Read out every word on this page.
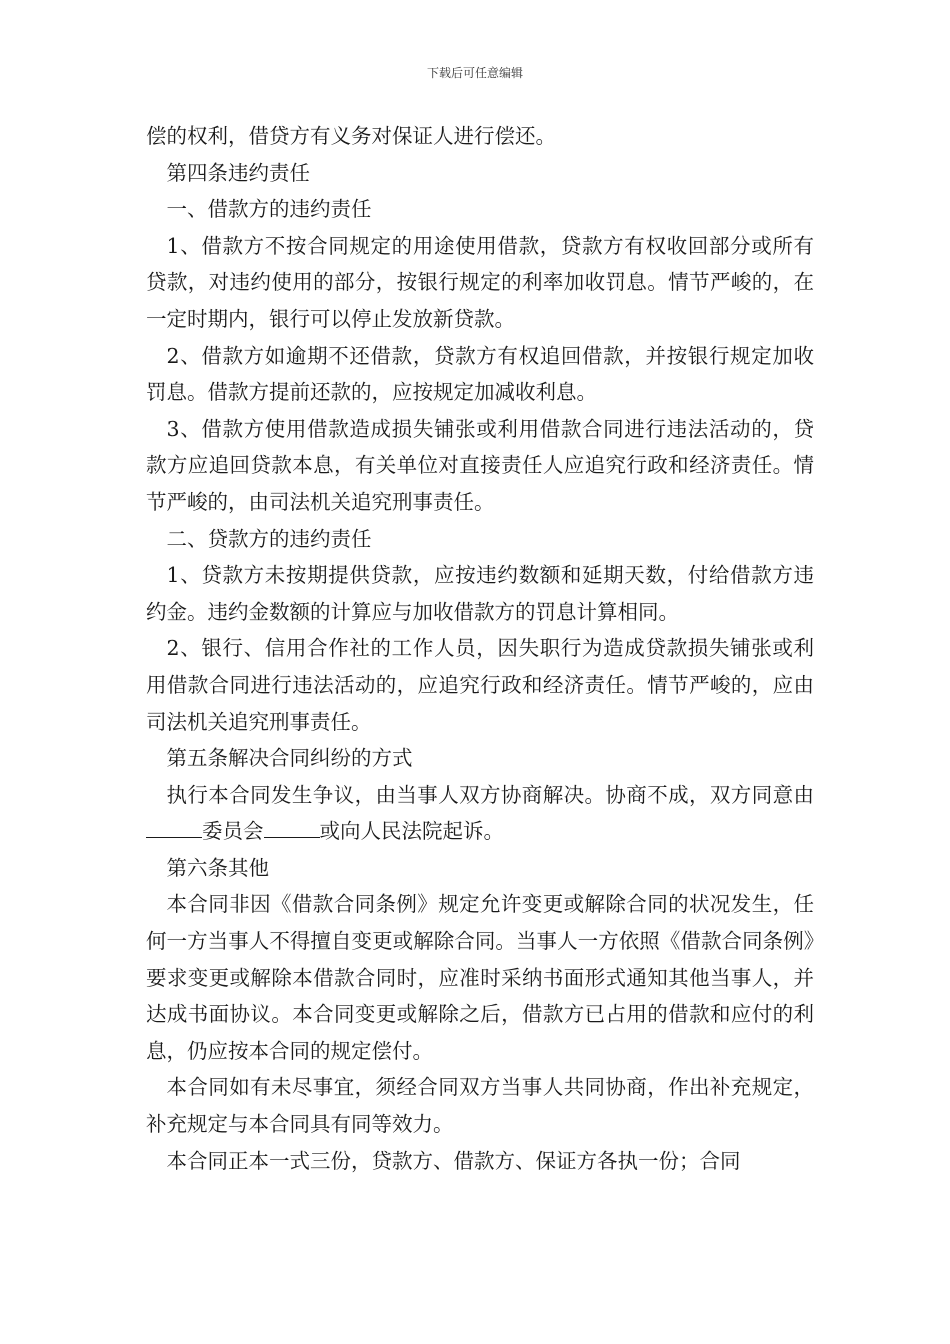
下载后可任意编辑

偿的权利，借贷方有义务对保证人进行偿还。

第四条违约责任

一、借款方的违约责任

1、借款方不按合同规定的用途使用借款，贷款方有权收回部分或所有贷款，对违约使用的部分，按银行规定的利率加收罚息。情节严峻的，在一定时期内，银行可以停止发放新贷款。

2、借款方如逾期不还借款，贷款方有权追回借款，并按银行规定加收罚息。借款方提前还款的，应按规定加减收利息。

3、借款方使用借款造成损失铺张或利用借款合同进行违法活动的，贷款方应追回贷款本息，有关单位对直接责任人应追究行政和经济责任。情节严峻的，由司法机关追究刑事责任。

二、贷款方的违约责任

1、贷款方未按期提供贷款，应按违约数额和延期天数，付给借款方违约金。违约金数额的计算应与加收借款方的罚息计算相同。

2、银行、信用合作社的工作人员，因失职行为造成贷款损失铺张或利用借款合同进行违法活动的，应追究行政和经济责任。情节严峻的，应由司法机关追究刑事责任。

第五条解决合同纠纷的方式

执行本合同发生争议，由当事人双方协商解决。协商不成，双方同意由委员会	或向人民法院起诉。

第六条其他

本合同非因《借款合同条例》规定允许变更或解除合同的状况发生，任何一方当事人不得擅自变更或解除合同。当事人一方依照《借款合同条例》要求变更或解除本借款合同时，应准时采纳书面形式通知其他当事人，并达成书面协议。本合同变更或解除之后，借款方已占用的借款和应付的利息，仍应按本合同的规定偿付。

本合同如有未尽事宜，须经合同双方当事人共同协商，作出补充规定，补充规定与本合同具有同等效力。

本合同正本一式三份，贷款方、借款方、保证方各执一份；合同
